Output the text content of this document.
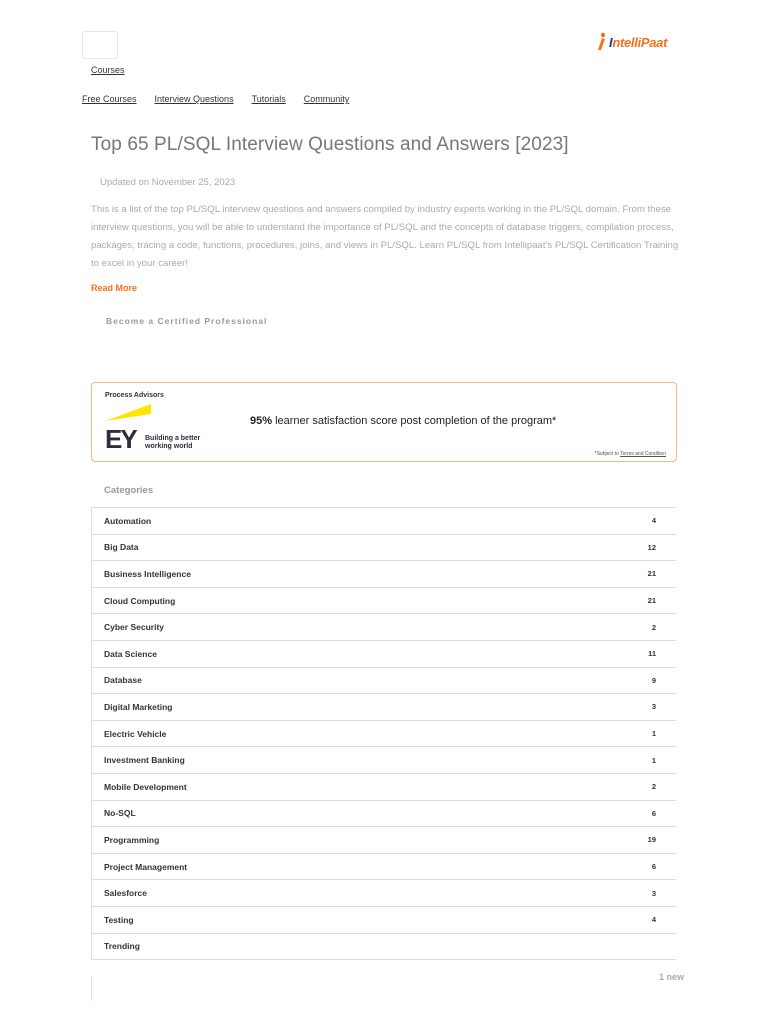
IntelliPaat
Courses
Free Courses Interview Questions Tutorials Community
Top 65 PL/SQL Interview Questions and Answers [2023]
Updated on November 25, 2023

This is a list of the top PL/SQL interview questions and answers compiled by industry experts working in the PL/SQL domain. From these interview questions, you will be able to understand the importance of PL/SQL and the concepts of database triggers, compilation process, packages, tracing a code, functions, procedures, joins, and views in PL/SQL. Learn PL/SQL from Intellipaat's PL/SQL Certification Training to excel in your career!

Read More
Become a Certified Professional
Process Advisors
EY Building a better working world
95% learner satisfaction score post completion of the program*
*Subject to Terms and Condition
Categories
Automation	4
Big Data	12
Business Intelligence	21
Cloud Computing	21
Cyber Security	2
Data Science	11
Database	9
Digital Marketing	3
Electric Vehicle	1
Investment Banking	1
Mobile Development	2
No-SQL	6
Programming	19
Project Management	6
Salesforce	3
Testing	4
Trending
1 new
